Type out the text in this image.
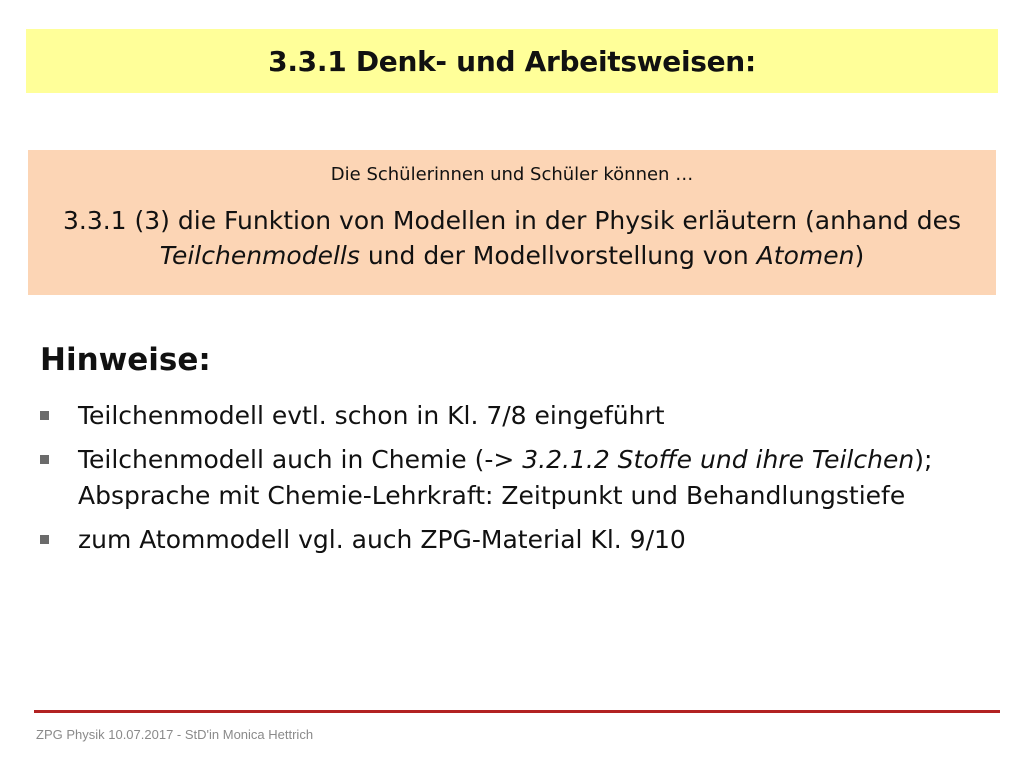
3.3.1 Denk- und Arbeitsweisen:
Die Schülerinnen und Schüler können …
3.3.1 (3) die Funktion von Modellen in der Physik erläutern (anhand des Teilchenmodells und der Modellvorstellung von Atomen)
Hinweise:
Teilchenmodell evtl. schon in Kl. 7/8 eingeführt
Teilchenmodell auch in Chemie (-> 3.2.1.2 Stoffe und ihre Teilchen); Absprache mit Chemie-Lehrkraft: Zeitpunkt und Behandlungstiefe
zum Atommodell vgl. auch ZPG-Material Kl. 9/10
ZPG Physik 10.07.2017 - StD'in Monica Hettrich
